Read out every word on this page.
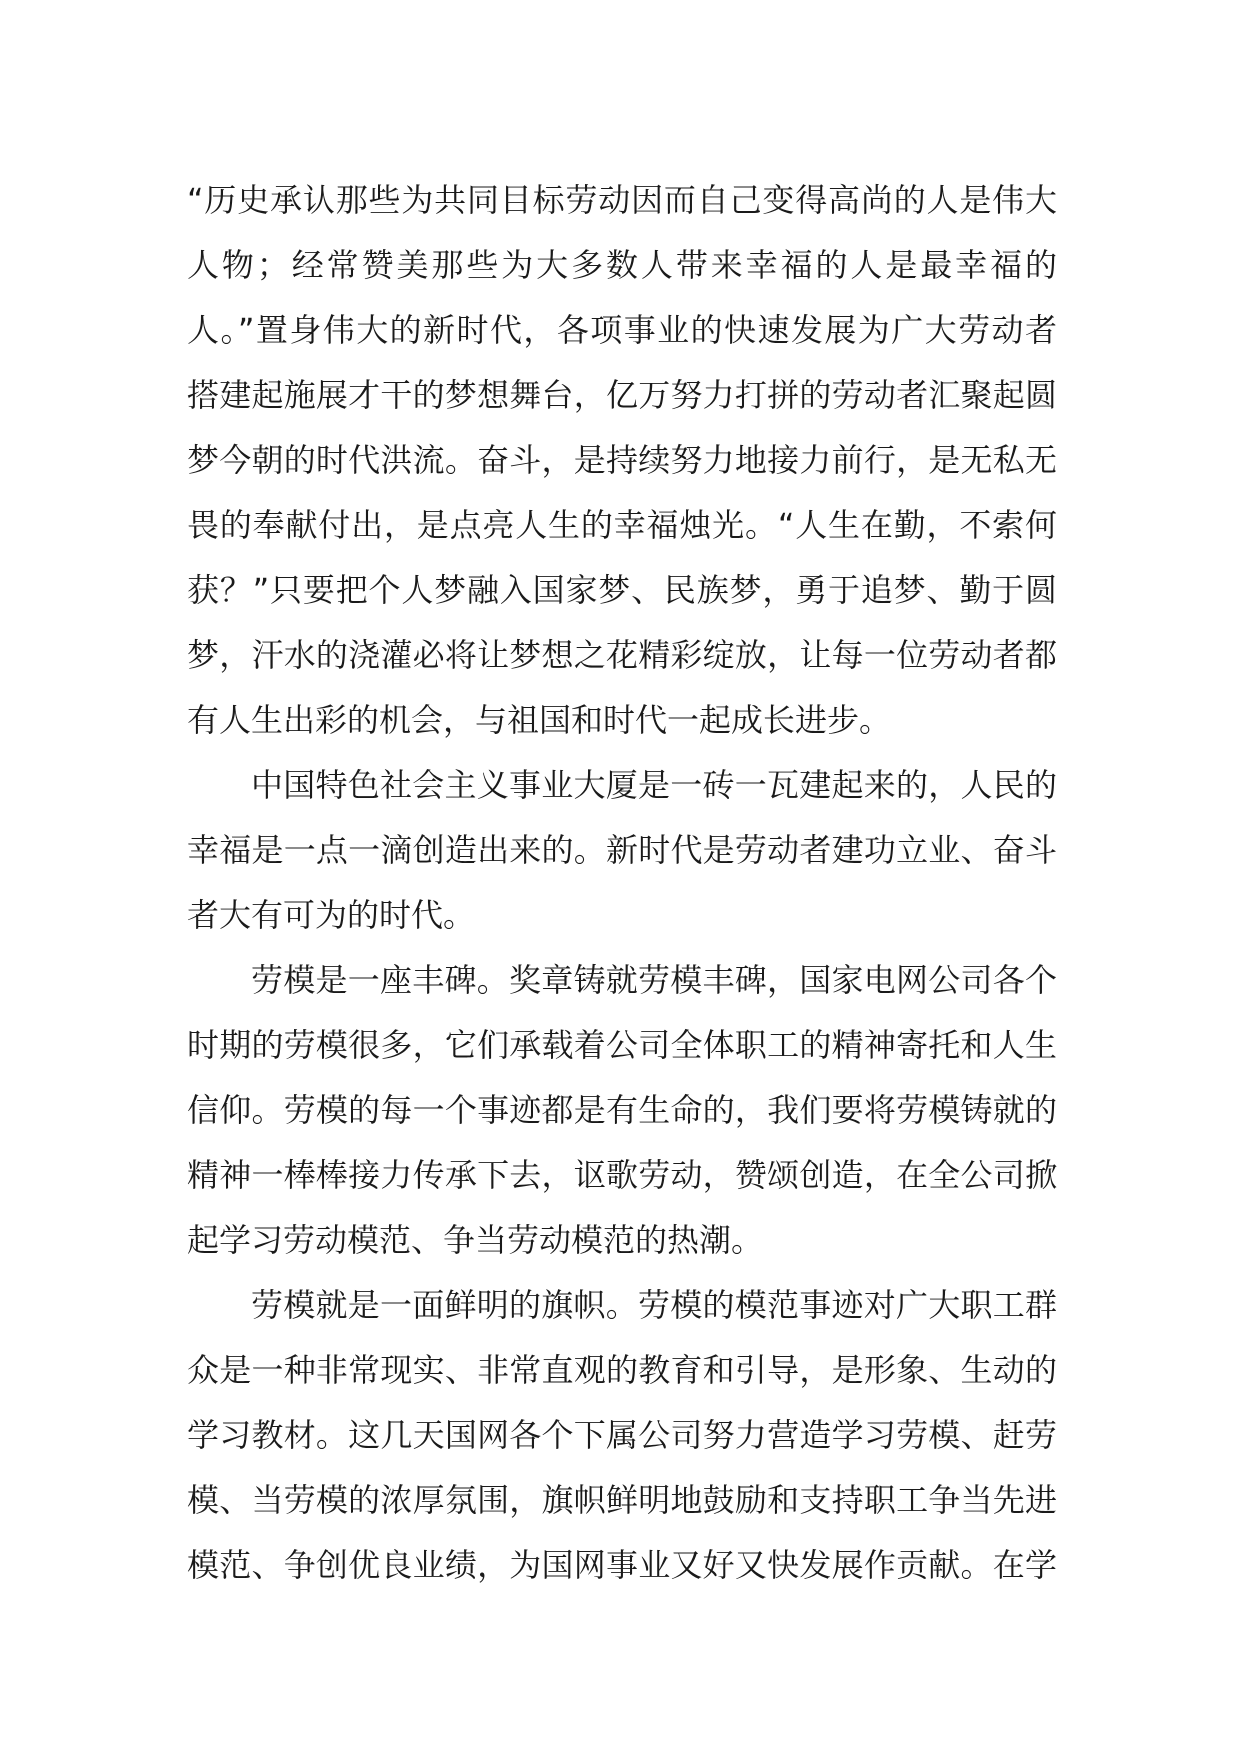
“历史承认那些为共同目标劳动因而自己变得高尚的人是伟大
人物；经常赞美那些为大多数人带来幸福的人是最幸福的
人。”置身伟大的新时代，各项事业的快速发展为广大劳动者
搭建起施展才干的梦想舞台，亿万努力打拼的劳动者汇聚起圆
梦今朝的时代洪流。奋斗，是持续努力地接力前行，是无私无
畏的奉献付出，是点亮人生的幸福烛光。“人生在勤，不索何
获？”只要把个人梦融入国家梦、民族梦，勇于追梦、勤于圆
梦，汗水的浇灌必将让梦想之花精彩绽放，让每一位劳动者都
有人生出彩的机会，与祖国和时代一起成长进步。
中国特色社会主义事业大厦是一砖一瓦建起来的，人民的
幸福是一点一滴创造出来的。新时代是劳动者建功立业、奋斗
者大有可为的时代。
劳模是一座丰碑。奖章铸就劳模丰碑，国家电网公司各个
时期的劳模很多，它们承载着公司全体职工的精神寄托和人生
信仰。劳模的每一个事迹都是有生命的，我们要将劳模铸就的
精神一棒棒接力传承下去，讴歌劳动，赞颂创造，在全公司掀
起学习劳动模范、争当劳动模范的热潮。
劳模就是一面鲜明的旗帜。劳模的模范事迹对广大职工群
众是一种非常现实、非常直观的教育和引导，是形象、生动的
学习教材。这几天国网各个下属公司努力营造学习劳模、赶劳
模、当劳模的浓厚氛围，旗帜鲜明地鼓励和支持职工争当先进
模范、争创优良业绩，为国网事业又好又快发展作贡献。在学
